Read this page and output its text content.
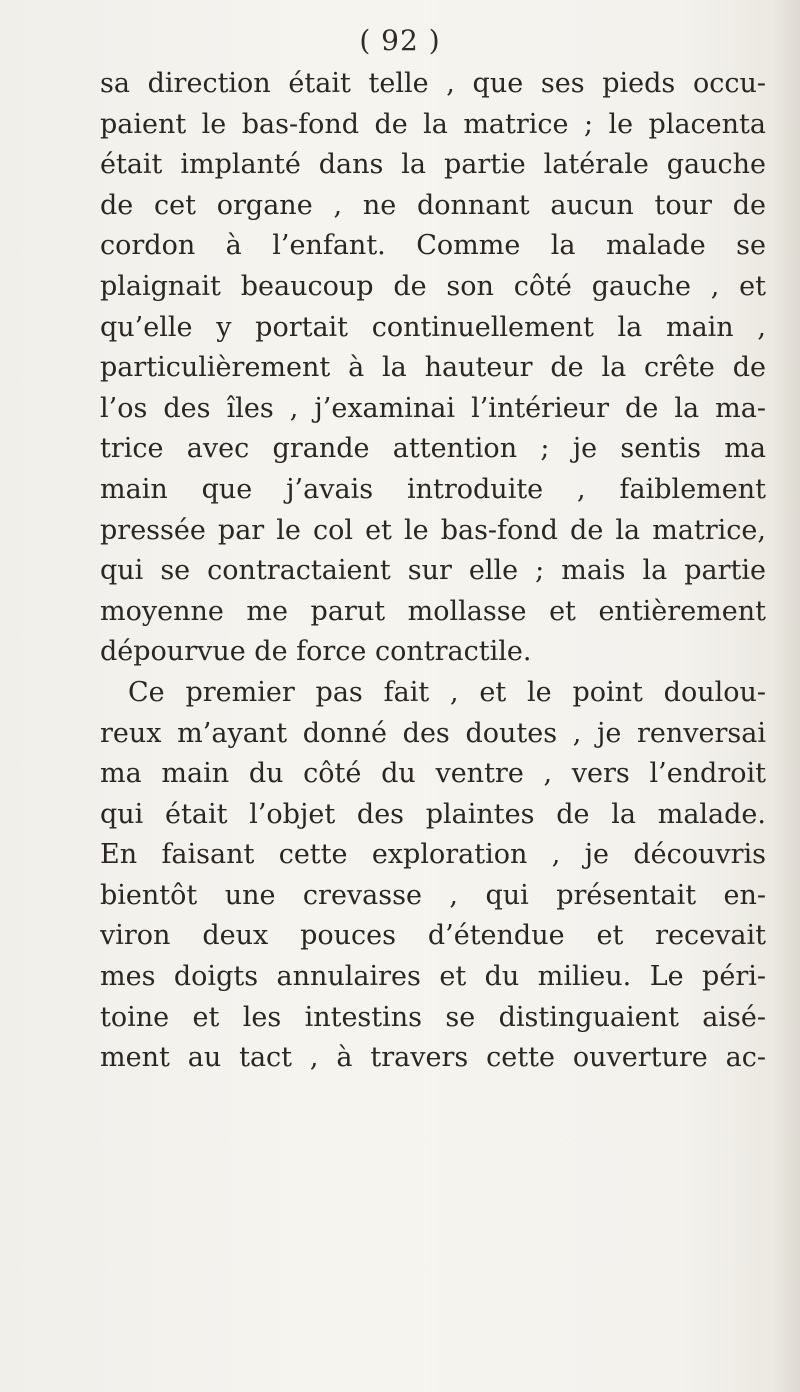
( 92 )
sa direction était telle , que ses pieds occu-
paient le bas-fond de la matrice ; le placenta
était implanté dans la partie latérale gauche
de cet organe , ne donnant aucun tour de
cordon à l’enfant. Comme la malade se
plaignait beaucoup de son côté gauche , et
qu’elle y portait continuellement la main ,
particulièrement à la hauteur de la crête de
l’os des îles , j’examinai l’intérieur de la ma-
trice avec grande attention ; je sentis ma
main que j’avais introduite , faiblement
pressée par le col et le bas-fond de la matrice,
qui se contractaient sur elle ; mais la partie
moyenne me parut mollasse et entièrement
dépourvue de force contractile.
Ce premier pas fait , et le point doulou-
reux m’ayant donné des doutes , je renversai
ma main du côté du ventre , vers l’endroit
qui était l’objet des plaintes de la malade.
En faisant cette exploration , je découvris
bientôt une crevasse , qui présentait en-
viron deux pouces d’étendue et recevait
mes doigts annulaires et du milieu. Le péri-
toine et les intestins se distinguaient aisé-
ment au tact , à travers cette ouverture ac-
